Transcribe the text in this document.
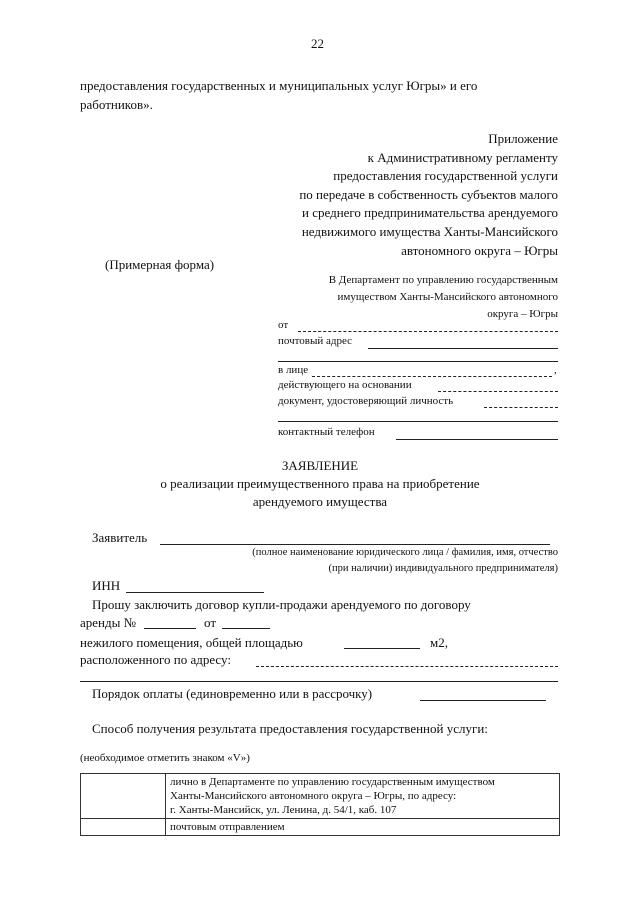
22
предоставления государственных и муниципальных услуг Югры» и его
работников».
Приложение
к Административному регламенту
предоставления государственной услуги
по передаче в собственность субъектов малого
и среднего предпринимательства арендуемого
недвижимого имущества Ханты-Мансийского
автономного округа – Югры
(Примерная форма)
В Департамент по управлению государственным
имуществом Ханты-Мансийского автономного
округа – Югры
от
почтовый адрес
в лице	,
действующего на основании
документ, удостоверяющий личность
контактный телефон
ЗАЯВЛЕНИЕ
о реализации преимущественного права на приобретение
арендуемого имущества
Заявитель
(полное наименование юридического лица / фамилия, имя, отчество
(при наличии) индивидуального предпринимателя)
ИНН
Прошу заключить договор купли-продажи арендуемого по договору
аренды №	от
нежилого помещения, общей площадью	м2,
расположенного по адресу:
Порядок оплаты (единовременно или в рассрочку)
Способ получения результата предоставления государственной услуги:
(необходимое отметить знаком «V»)

	лично в Департаменте по управлению государственным имуществом
Ханты-Мансийского автономного округа – Югры, по адресу:
г. Ханты-Мансийск, ул. Ленина, д. 54/1, каб. 107

	почтовым отправлением
